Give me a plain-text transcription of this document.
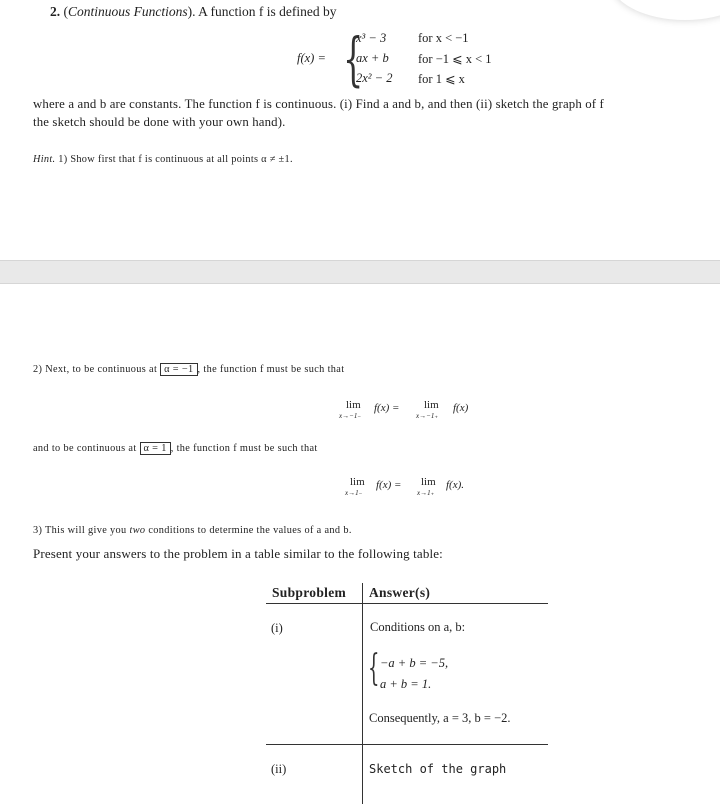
2. (Continuous Functions). A function f is defined by
f(x) = {
x³ − 3	for x < −1
ax + b for −1 ⩽ x < 1
2x² − 2 for 1 ⩽ x
where a and b are constants. The function f is continuous. (i) Find a and b, and then (ii) sketch the graph of f
the sketch should be done with your own hand).
Hint. 1) Show first that f is continuous at all points α ≠ ±1.
2) Next, to be continuous at α = −1 , the function f must be such that
lim
x→−1₋
f(x) = lim
x→−1₊
f(x)
and to be continuous at α = 1 , the function f must be such that
lim
x→1₋
f(x) = lim
x→1₊
f(x).
3) This will give you two conditions to determine the values of a and b.
Present your answers to the problem in a table similar to the following table:
Subproblem Answer(s)
(i)	Conditions on a, b:
{ −a + b = −5,
a + b = 1.
Consequently, a = 3, b = −2.
(ii)	Sketch of the graph
